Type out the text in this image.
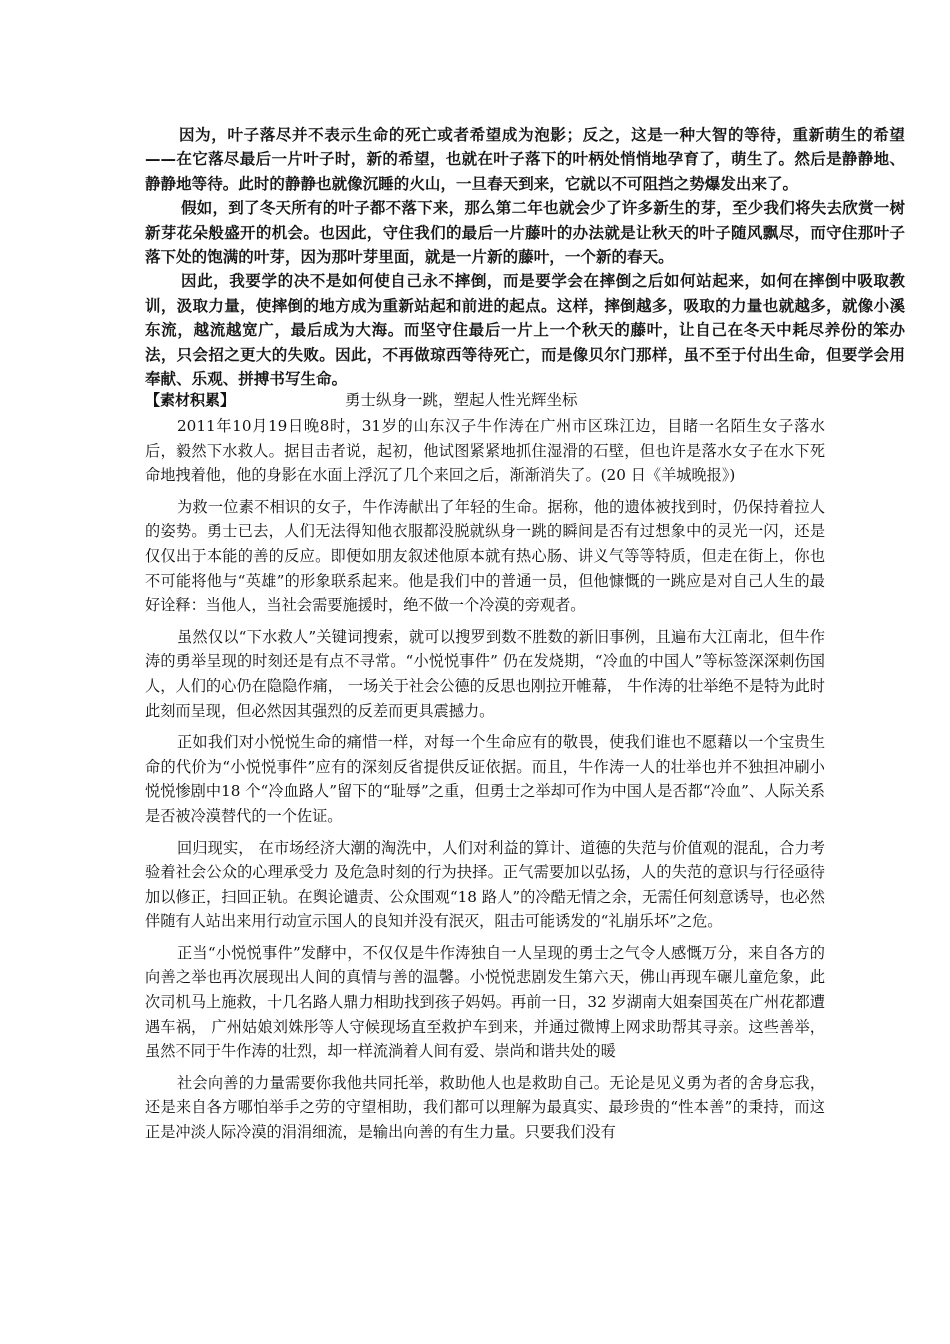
因为，叶子落尽并不表示生命的死亡或者希望成为泡影；反之，这是一种大智的等待，重新萌生的希望——在它落尽最后一片叶子时，新的希望，也就在叶子落下的叶柄处悄悄地孕育了，萌生了。然后是静静地、静静地等待。此时的静静也就像沉睡的火山，一旦春天到来，它就以不可阻挡之势爆发出来了。

假如，到了冬天所有的叶子都不落下来，那么第二年也就会少了许多新生的芽，至少我们将失去欣赏一树新芽花朵般盛开的机会。也因此，守住我们的最后一片藤叶的办法就是让秋天的叶子随风飘尽，而守住那叶子落下处的饱满的叶芽，因为那叶芽里面，就是一片新的藤叶，一个新的春天。

因此，我要学的决不是如何使自己永不摔倒，而是要学会在摔倒之后如何站起来，如何在摔倒中吸取教训，汲取力量，使摔倒的地方成为重新站起和前进的起点。这样，摔倒越多，吸取的力量也就越多，就像小溪东流，越流越宽广，最后成为大海。而坚守住最后一片上一个秋天的藤叶，让自己在冬天中耗尽养份的笨办法，只会招之更大的失败。因此，不再做琼西等待死亡，而是像贝尔门那样，虽不至于付出生命，但要学会用奉献、乐观、拼搏书写生命。

【素材积累】	勇士纵身一跳，塑起人性光辉坐标

2011年10月19日晚8时，31岁的山东汉子牛作涛在广州市区珠江边，目睹一名陌生女子落水后，毅然下水救人。据目击者说，起初，他试图紧紧地抓住湿滑的石壁，但也许是落水女子在水下死命地拽着他，他的身影在水面上浮沉了几个来回之后，渐渐消失了。(20 日《羊城晚报》)

为救一位素不相识的女子，牛作涛献出了年轻的生命。据称，他的遗体被找到时，仍保持着拉人的姿势。勇士已去，人们无法得知他衣服都没脱就纵身一跳的瞬间是否有过想象中的灵光一闪，还是仅仅出于本能的善的反应。即便如朋友叙述他原本就有热心肠、讲义气等等特质，但走在街上，你也不可能将他与“英雄”的形象联系起来。他是我们中的普通一员，但他慷慨的一跳应是对自己人生的最好诠释：当他人，当社会需要施援时，绝不做一个冷漠的旁观者。

虽然仅以“下水救人”关键词搜索，就可以搜罗到数不胜数的新旧事例，且遍布大江南北，但牛作涛的勇举呈现的时刻还是有点不寻常。“小悦悦事件” 仍在发烧期，“冷血的中国人”等标签深深刺伤国人，人们的心仍在隐隐作痛， 一场关于社会公德的反思也刚拉开帷幕， 牛作涛的壮举绝不是特为此时此刻而呈现，但必然因其强烈的反差而更具震撼力。

正如我们对小悦悦生命的痛惜一样，对每一个生命应有的敬畏，使我们谁也不愿藉以一个宝贵生命的代价为“小悦悦事件”应有的深刻反省提供反证依据。而且，牛作涛一人的壮举也并不独担冲刷小悦悦惨剧中18 个“冷血路人”留下的“耻辱”之重，但勇士之举却可作为中国人是否都“冷血”、人际关系是否被冷漠替代的一个佐证。

回归现实， 在市场经济大潮的淘洗中，人们对利益的算计、道德的失范与价值观的混乱，合力考验着社会公众的心理承受力 及危急时刻的行为抉择。正气需要加以弘扬，人的失范的意识与行径亟待加以修正，扫回正轨。在舆论谴责、公众围观“18 路人”的冷酷无情之余，无需任何刻意诱导，也必然伴随有人站出来用行动宣示国人的良知并没有泯灭，阻击可能诱发的“礼崩乐坏”之危。

正当“小悦悦事件”发酵中，不仅仅是牛作涛独自一人呈现的勇士之气令人感慨万分，来自各方的向善之举也再次展现出人间的真情与善的温馨。小悦悦悲剧发生第六天，佛山再现车碾儿童危象，此次司机马上施救，十几名路人鼎力相助找到孩子妈妈。再前一日，32 岁湖南大姐秦国英在广州花都遭遇车祸， 广州姑娘刘姝彤等人守候现场直至救护车到来，并通过微博上网求助帮其寻亲。这些善举，虽然不同于牛作涛的壮烈，却一样流淌着人间有爱、崇尚和谐共处的暖

社会向善的力量需要你我他共同托举，救助他人也是救助自己。无论是见义勇为者的舍身忘我，还是来自各方哪怕举手之劳的守望相助，我们都可以理解为最真实、最珍贵的“性本善”的秉持，而这正是冲淡人际冷漠的涓涓细流，是输出向善的有生力量。只要我们没有
